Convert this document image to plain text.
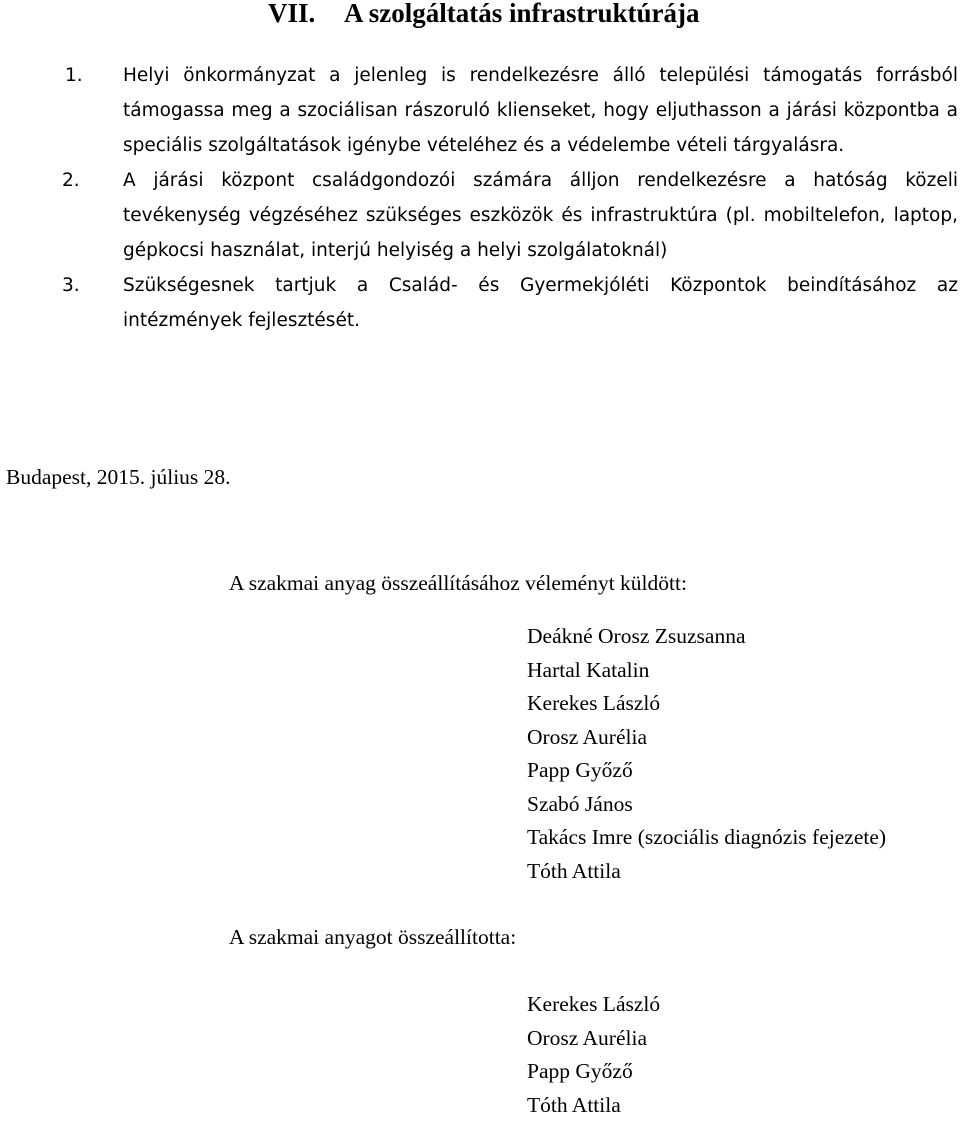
VII. A szolgáltatás infrastruktúrája
1. Helyi önkormányzat a jelenleg is rendelkezésre álló települési támogatás forrásból támogassa meg a szociálisan rászoruló klienseket, hogy eljuthasson a járási központba a speciális szolgáltatások igénybe vételéhez és a védelembe vételi tárgyalásra.
2. A járási központ családgondozói számára álljon rendelkezésre a hatóság közeli tevékenység végzéséhez szükséges eszközök és infrastruktúra (pl. mobiltelefon, laptop, gépkocsi használat, interjú helyiség a helyi szolgálatoknál)
3. Szükségesnek tartjuk a Család- és Gyermekjóléti Központok beindításához az intézmények fejlesztését.

Budapest, 2015. július 28.

A szakmai anyag összeállításához véleményt küldött:

Deákné Orosz Zsuzsanna
Hartal Katalin
Kerekes László
Orosz Aurélia
Papp Győző
Szabó János
Takács Imre (szociális diagnózis fejezete)
Tóth Attila

A szakmai anyagot összeállította:

Kerekes László
Orosz Aurélia
Papp Győző
Tóth Attila
